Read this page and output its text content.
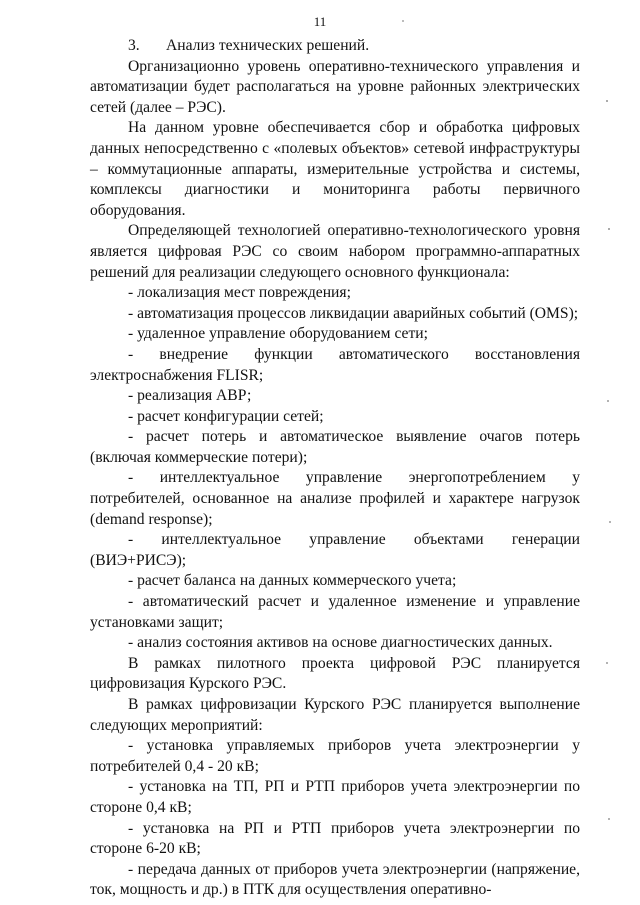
11

3. Анализ технических решений.

Организационно уровень оперативно-технического управления и автоматизации будет располагаться на уровне районных электрических сетей (далее – РЭС).

На данном уровне обеспечивается сбор и обработка цифровых данных непосредственно с «полевых объектов» сетевой инфраструктуры – коммутационные аппараты, измерительные устройства и системы, комплексы диагностики и мониторинга работы первичного оборудования.

Определяющей технологией оперативно-технологического уровня является цифровая РЭС со своим набором программно-аппаратных решений для реализации следующего основного функционала:

- локализация мест повреждения;

- автоматизация процессов ликвидации аварийных событий (OMS);

- удаленное управление оборудованием сети;

- внедрение функции автоматического восстановления электроснабжения FLISR;

- реализация АВР;

- расчет конфигурации сетей;

- расчет потерь и автоматическое выявление очагов потерь (включая коммерческие потери);

- интеллектуальное управление энергопотреблением у потребителей, основанное на анализе профилей и характере нагрузок (demand response);

- интеллектуальное управление объектами генерации (ВИЭ+РИСЭ);

- расчет баланса на данных коммерческого учета;

- автоматический расчет и удаленное изменение и управление установками защит;

- анализ состояния активов на основе диагностических данных.

В рамках пилотного проекта цифровой РЭС планируется цифровизация Курского РЭС.

В рамках цифровизации Курского РЭС планируется выполнение следующих мероприятий:

- установка управляемых приборов учета электроэнергии у потребителей 0,4 - 20 кВ;

- установка на ТП, РП и РТП приборов учета электроэнергии по стороне 0,4 кВ;

- установка на РП и РТП приборов учета электроэнергии по стороне 6-20 кВ;

- передача данных от приборов учета электроэнергии (напряжение, ток, мощность и др.) в ПТК для осуществления оперативно-
